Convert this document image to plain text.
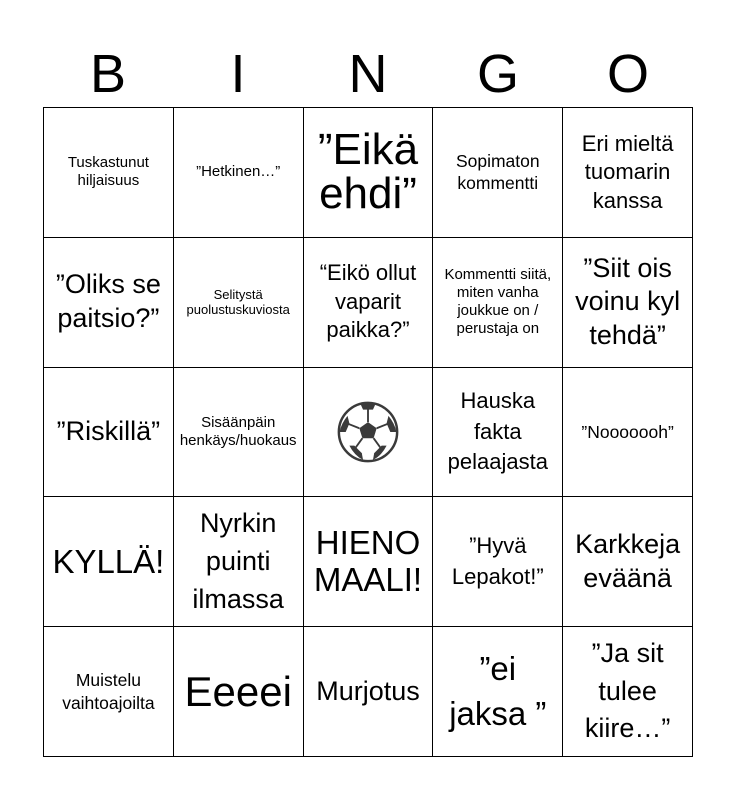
B	I	N	G	O
Tuskastunut hiljaisuus
”Hetkinen…” ”Eikä ehdi”
Sopimaton kommentti
Eri mieltä tuomarin kanssa
”Oliks se paitsio?”
Selitystä puolustuskuviosta
“Eikö ollut vaparit paikka?”
Kommentti siitä, miten vanha joukkue on / perustaja on
”Siit ois voinu kyl tehdä”
”Riskillä”	Sisäänpäin henkäys/huokaus
Hauska fakta pelaajasta
”Nooooooh”
KYLLÄ!
Nyrkin puinti ilmassa
HIENO MAALI!
”Hyvä Lepakot!”
Karkkeja eväänä
Muistelu vaihtoajoilta Eeeei Murjotus
”ei jaksa ”
”Ja sit tulee kiire…”
